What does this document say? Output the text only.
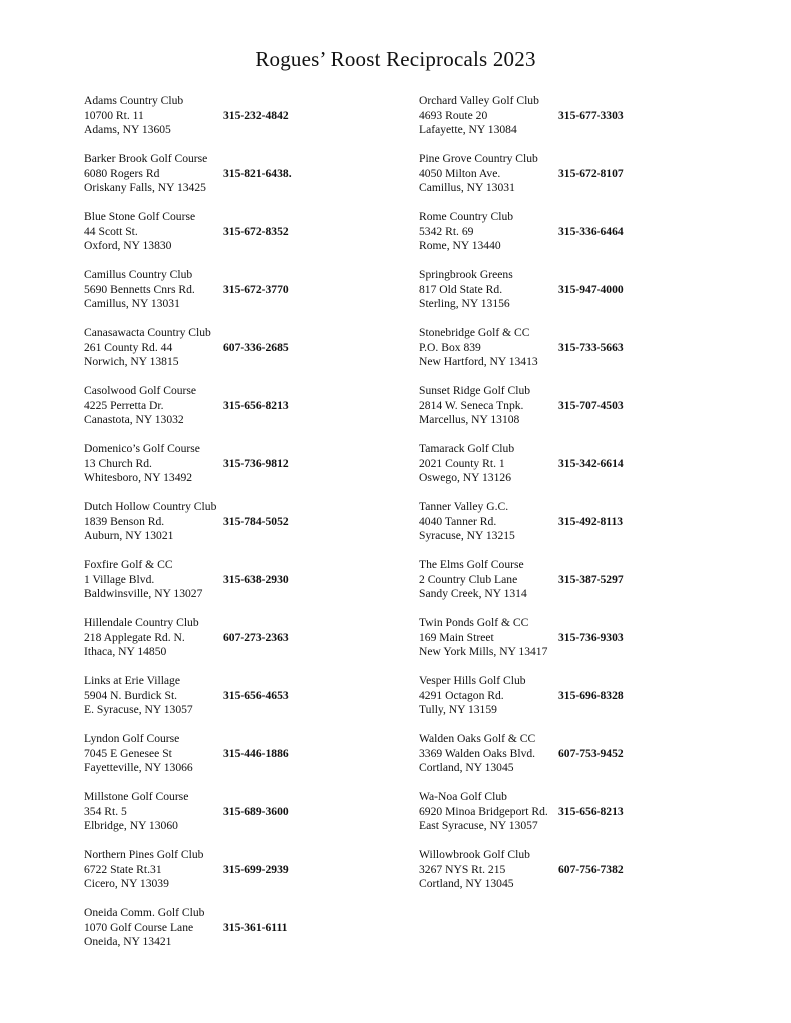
Rogues’ Roost Reciprocals 2023
Adams Country Club
10700 Rt. 11
Adams, NY 13605
315-232-4842
Barker Brook Golf Course
6080 Rogers Rd
Oriskany Falls, NY 13425
315-821-6438.
Blue Stone Golf Course
44 Scott St.
Oxford, NY 13830
315-672-8352
Camillus Country Club
5690 Bennetts Cnrs Rd.
Camillus, NY 13031
315-672-3770
Canasawacta Country Club
261 County Rd. 44
Norwich, NY 13815
607-336-2685
Casolwood Golf Course
4225 Perretta Dr.
Canastota, NY 13032
315-656-8213
Domenico’s Golf Course
13 Church Rd.
Whitesboro, NY 13492
315-736-9812
Dutch Hollow Country Club
1839 Benson Rd.
Auburn, NY 13021
315-784-5052
Foxfire Golf & CC
1 Village Blvd.
Baldwinsville, NY 13027
315-638-2930
Hillendale Country Club
218 Applegate Rd. N.
Ithaca, NY 14850
607-273-2363
Links at Erie Village
5904 N. Burdick St.
E. Syracuse, NY 13057
315-656-4653
Lyndon Golf Course
7045 E Genesee St
Fayetteville, NY 13066
315-446-1886
Millstone Golf Course
354 Rt. 5
Elbridge, NY 13060
315-689-3600
Northern Pines Golf Club
6722 State Rt.31
Cicero, NY 13039
315-699-2939
Oneida Comm. Golf Club
1070 Golf Course Lane
Oneida, NY 13421
315-361-6111
Orchard Valley Golf Club
4693 Route 20
Lafayette, NY 13084
315-677-3303
Pine Grove Country Club
4050 Milton Ave.
Camillus, NY 13031
315-672-8107
Rome Country Club
5342 Rt. 69
Rome, NY 13440
315-336-6464
Springbrook Greens
817 Old State Rd.
Sterling, NY 13156
315-947-4000
Stonebridge Golf & CC
P.O. Box 839
New Hartford, NY 13413
315-733-5663
Sunset Ridge Golf Club
2814 W. Seneca Tnpk.
Marcellus, NY 13108
315-707-4503
Tamarack Golf Club
2021 County Rt. 1
Oswego, NY 13126
315-342-6614
Tanner Valley G.C.
4040 Tanner Rd.
Syracuse, NY 13215
315-492-8113
The Elms Golf Course
2 Country Club Lane
Sandy Creek, NY 1314
315-387-5297
Twin Ponds Golf & CC
169 Main Street
New York Mills, NY 13417
315-736-9303
Vesper Hills Golf Club
4291 Octagon Rd.
Tully, NY 13159
315-696-8328
Walden Oaks Golf & CC
3369 Walden Oaks Blvd.
Cortland, NY 13045
607-753-9452
Wa-Noa Golf Club
6920 Minoa Bridgeport Rd.
East Syracuse, NY 13057
315-656-8213
Willowbrook Golf Club
3267 NYS Rt. 215
Cortland, NY 13045
607-756-7382
